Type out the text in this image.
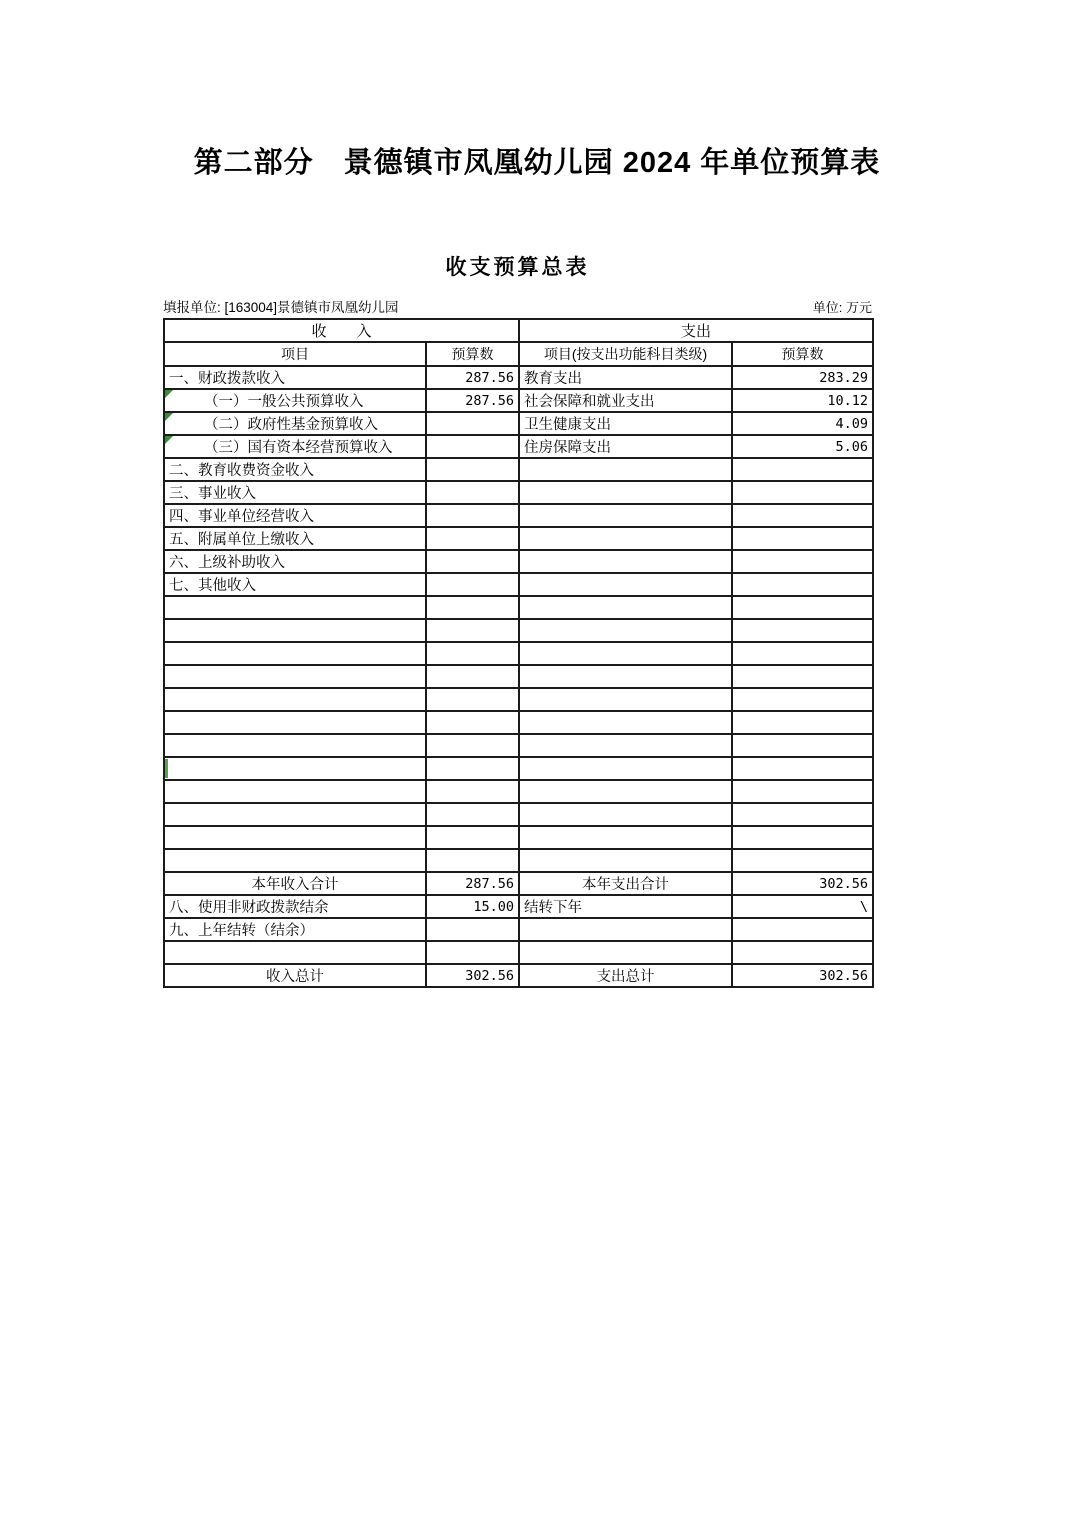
第二部分　景德镇市凤凰幼儿园 2024 年单位预算表
收支预算总表
填报单位: [163004]景德镇市凤凰幼儿园	单位: 万元
收　　入		支出	
项目	预算数	项目(按支出功能科目类级)	预算数
一、财政拨款收入	287.56	教育支出	283.29
（一）一般公共预算收入	287.56	社会保障和就业支出	10.12
（二）政府性基金预算收入		卫生健康支出	4.09
（三）国有资本经营预算收入		住房保障支出	5.06
二、教育收费资金收入			
三、事业收入			
四、事业单位经营收入			
五、附属单位上缴收入			
六、上级补助收入			
七、其他收入			

本年收入合计	287.56	本年支出合计	302.56
八、使用非财政拨款结余	15.00	结转下年	\
九、上年结转（结余）			

收入总计	302.56	支出总计	302.56
